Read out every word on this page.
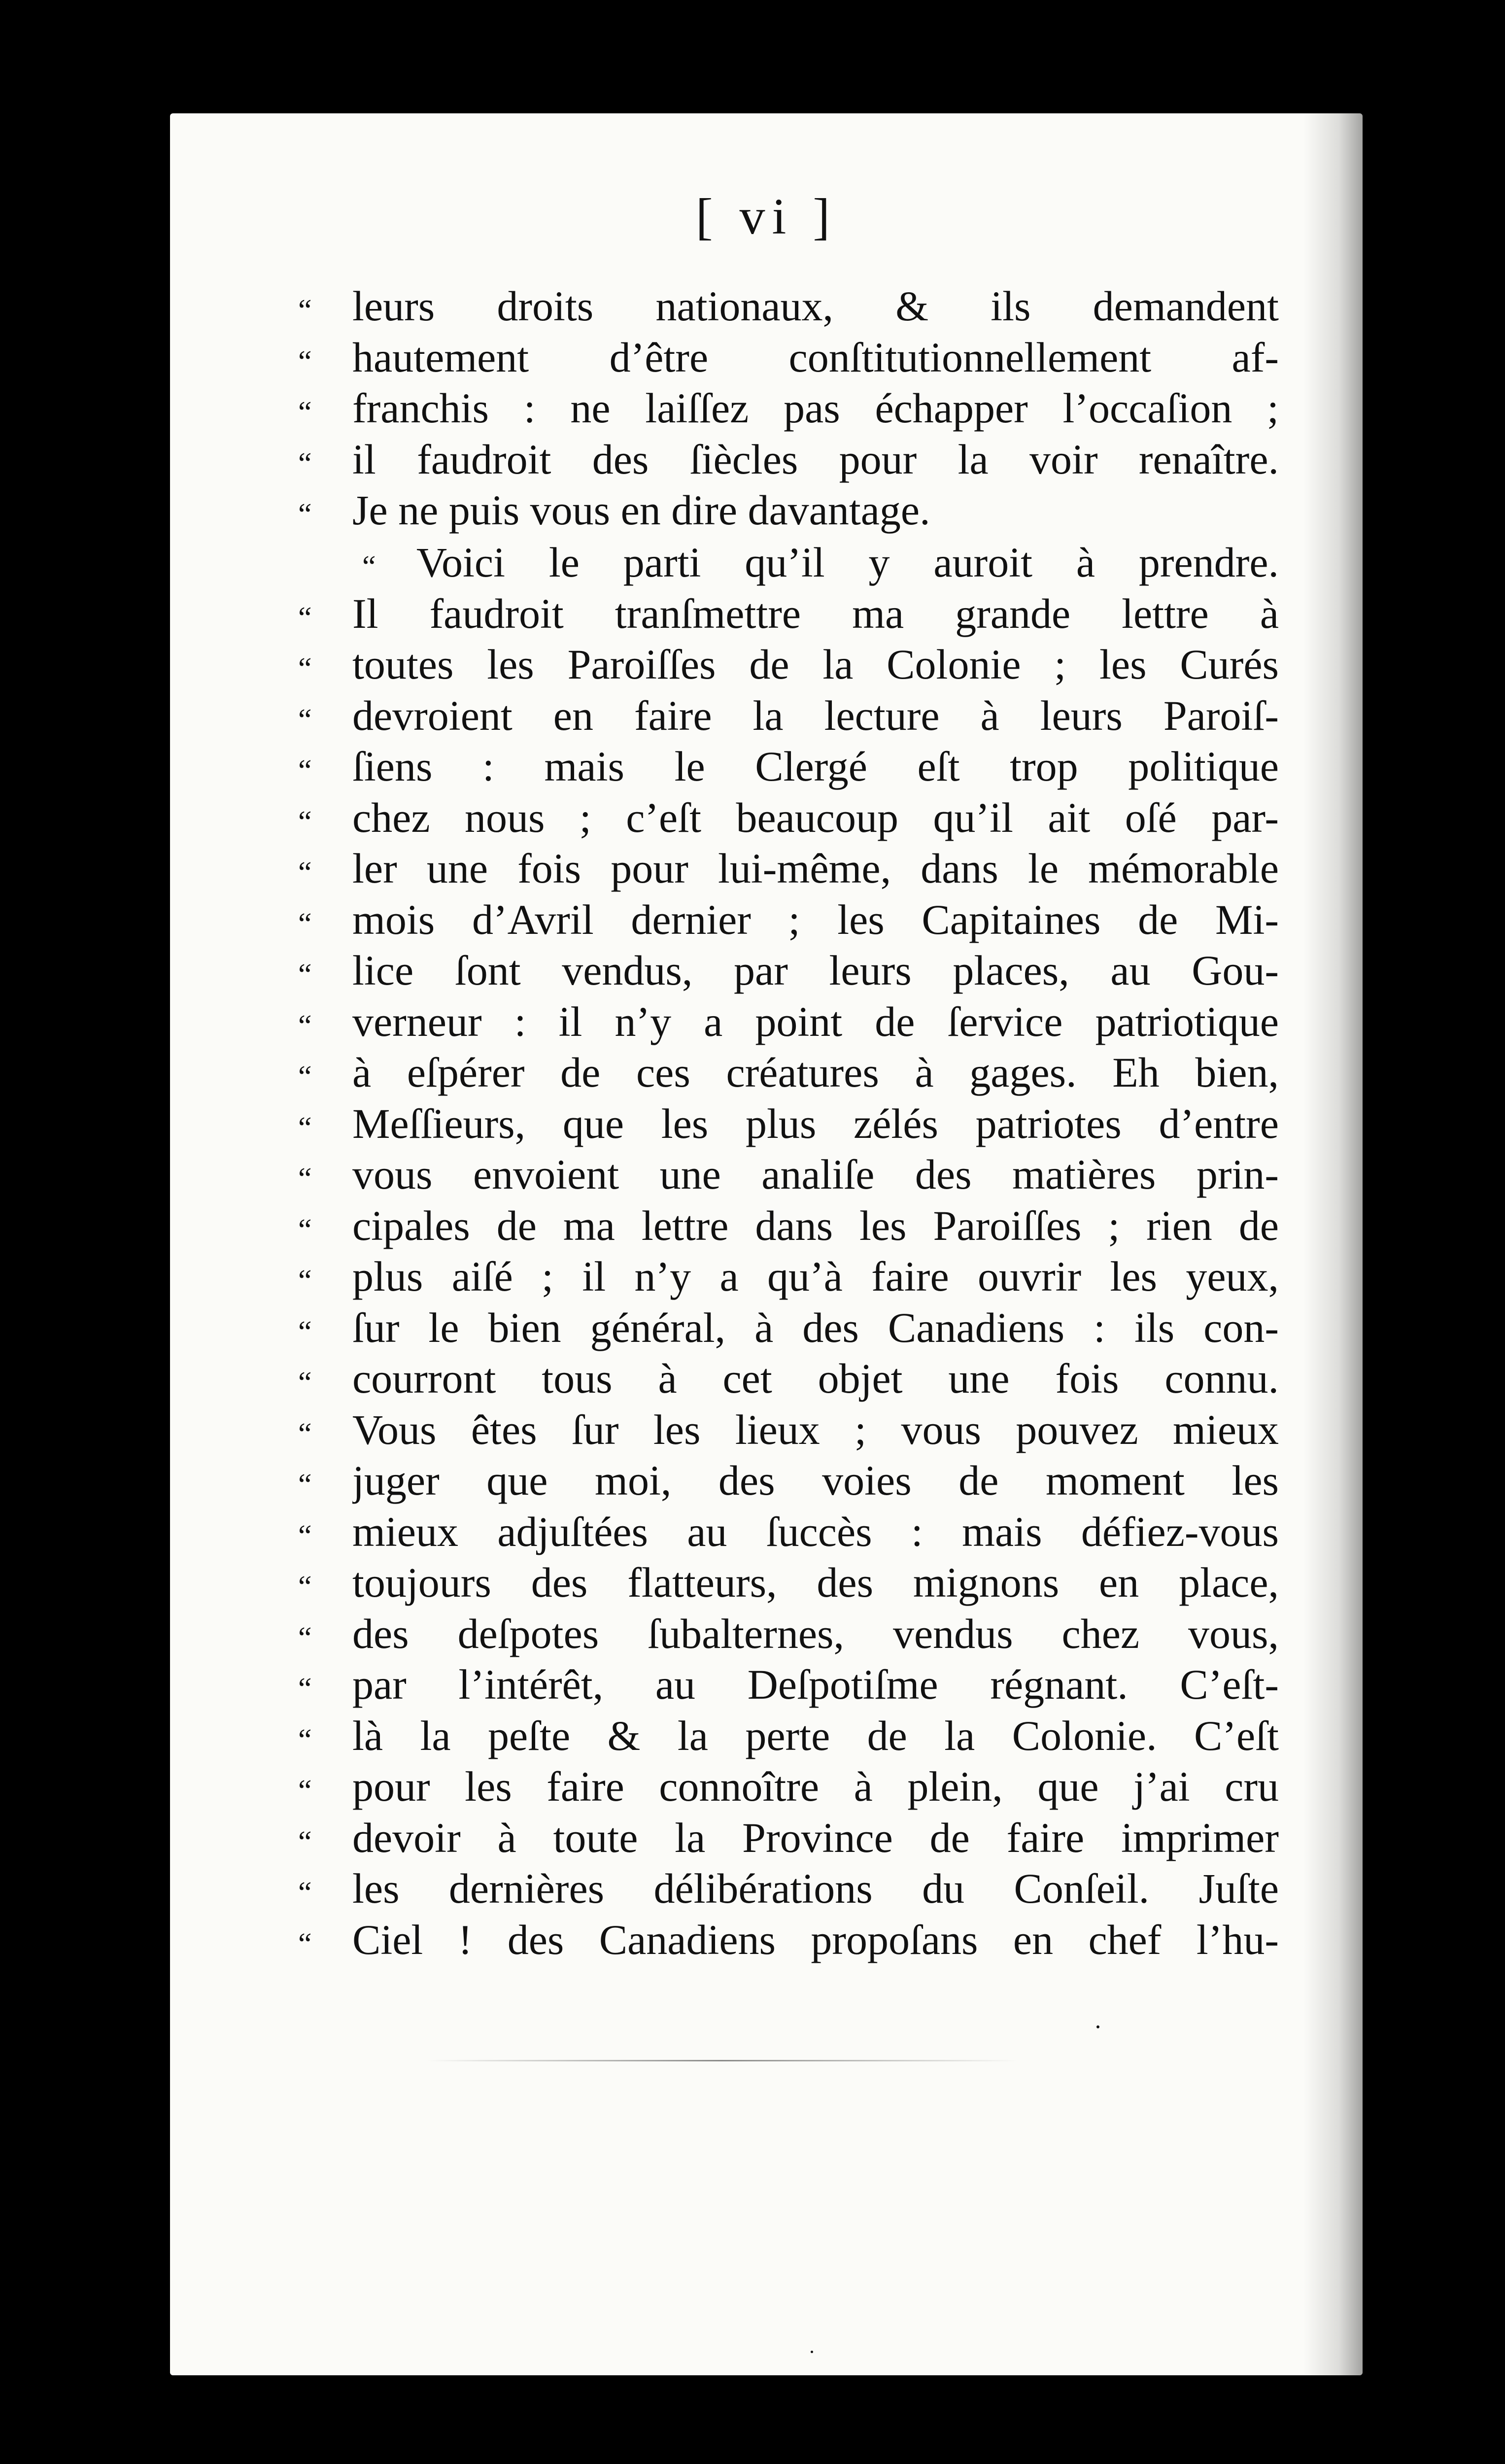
[ vi ]
“ leurs droits nationaux, & ils demandent
“ hautement d’être conſtitutionnellement af-
“ franchis : ne laiſſez pas échapper l’occaſion ;
“ il faudroit des ſiècles pour la voir renaître.
“ Je ne puis vous en dire davantage.
“ Voici le parti qu’il y auroit à prendre.
“ Il faudroit tranſmettre ma grande lettre à
“ toutes les Paroiſſes de la Colonie ; les Curés
“ devroient en faire la lecture à leurs Paroiſ-
“ ſiens : mais le Clergé eſt trop politique
“ chez nous ; c’eſt beaucoup qu’il ait oſé par-
“ ler une fois pour lui-même, dans le mémorable
“ mois d’Avril dernier ; les Capitaines de Mi-
“ lice ſont vendus, par leurs places, au Gou-
“ verneur : il n’y a point de ſervice patriotique
“ à eſpérer de ces créatures à gages. Eh bien,
“ Meſſieurs, que les plus zélés patriotes d’entre
“ vous envoient une analiſe des matières prin-
“ cipales de ma lettre dans les Paroiſſes ; rien de
“ plus aiſé ; il n’y a qu’à faire ouvrir les yeux,
“ ſur le bien général, à des Canadiens : ils con-
“ courront tous à cet objet une fois connu.
“ Vous êtes ſur les lieux ; vous pouvez mieux
“ juger que moi, des voies de moment les
“ mieux adjuſtées au ſuccès : mais défiez-vous
“ toujours des flatteurs, des mignons en place,
“ des deſpotes ſubalternes, vendus chez vous,
“ par l’intérêt, au Deſpotiſme régnant. C’eſt-
“ là la peſte & la perte de la Colonie. C’eſt
“ pour les faire connoître à plein, que j’ai cru
“ devoir à toute la Province de faire imprimer
“ les dernières délibérations du Conſeil. Juſte
“ Ciel ! des Canadiens propoſans en chef l’hu-
